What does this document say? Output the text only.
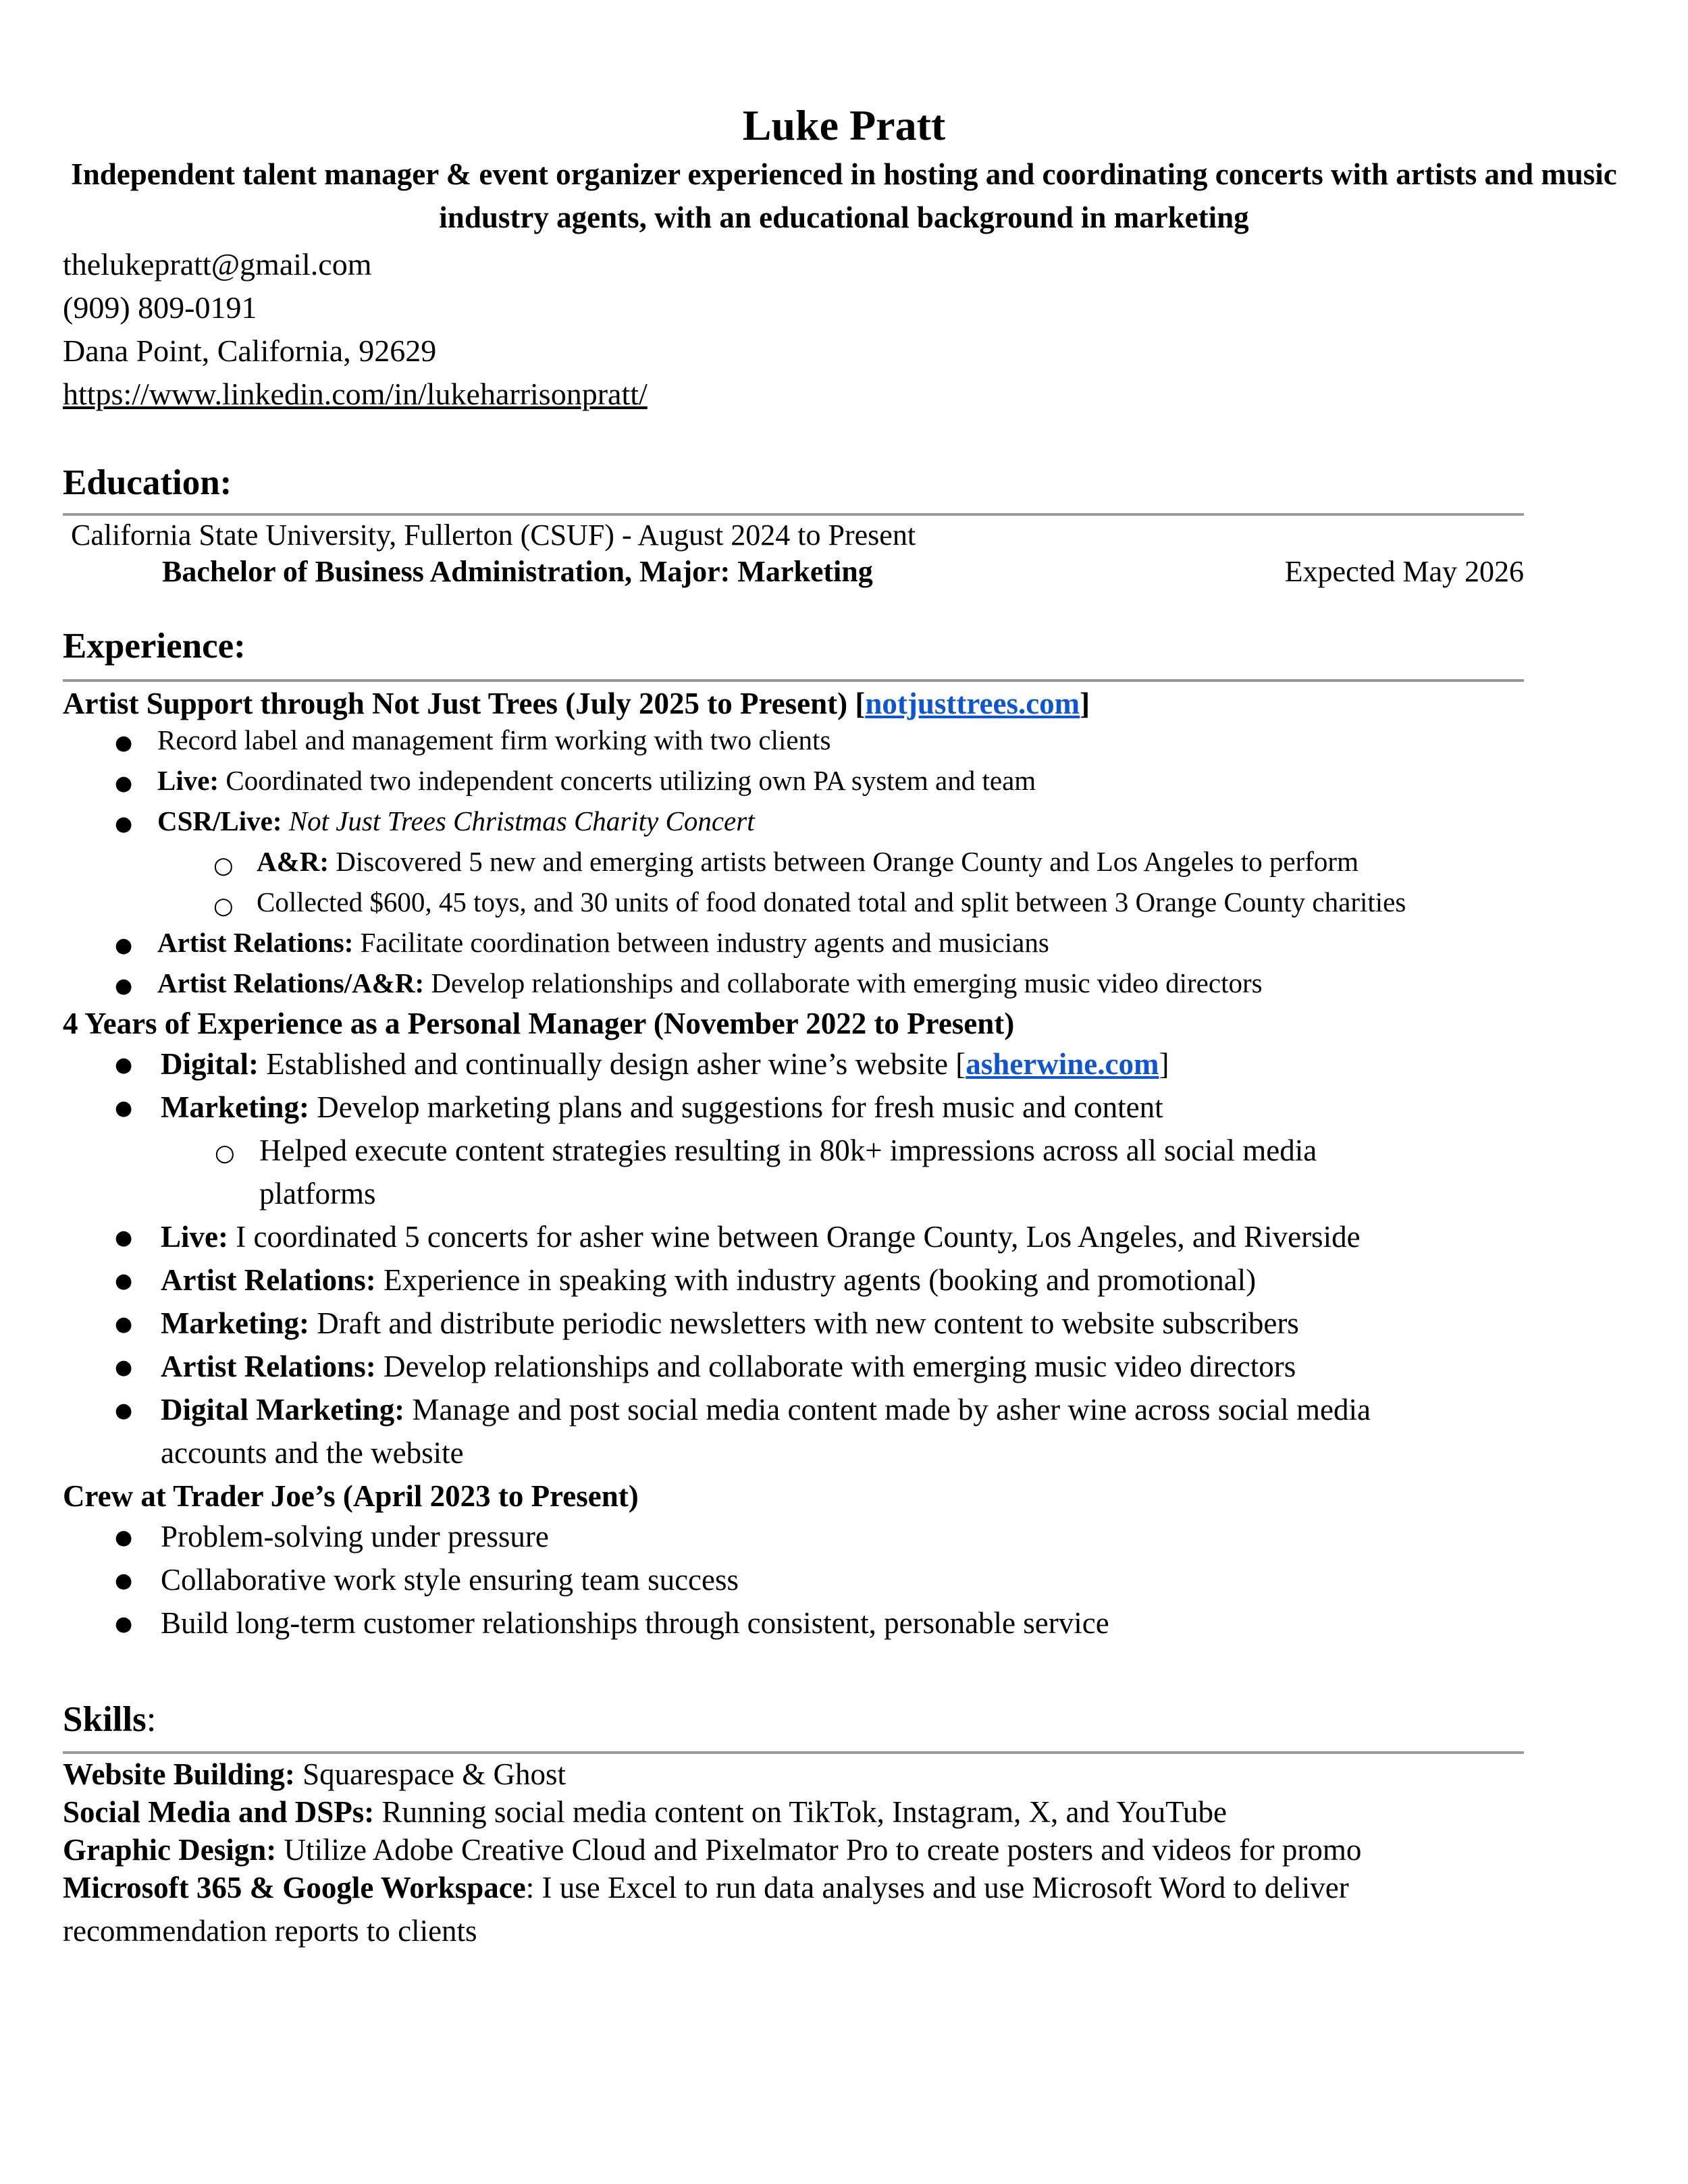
Luke Pratt
Independent talent manager & event organizer experienced in hosting and coordinating concerts with artists and music industry agents, with an educational background in marketing
thelukepratt@gmail.com
(909) 809-0191
Dana Point, California, 92629
https://www.linkedin.com/in/lukeharrisonpratt/
Education:
California State University, Fullerton (CSUF) - August 2024 to Present
Bachelor of Business Administration, Major: Marketing	Expected May 2026
Experience:
Artist Support through Not Just Trees (July 2025 to Present) [notjusttrees.com]
● Record label and management firm working with two clients
● Live: Coordinated two independent concerts utilizing own PA system and team
● CSR/Live: Not Just Trees Christmas Charity Concert
○ A&R: Discovered 5 new and emerging artists between Orange County and Los Angeles to perform
○ Collected $600, 45 toys, and 30 units of food donated total and split between 3 Orange County charities
● Artist Relations: Facilitate coordination between industry agents and musicians
● Artist Relations/A&R: Develop relationships and collaborate with emerging music video directors
4 Years of Experience as a Personal Manager (November 2022 to Present)
● Digital: Established and continually design asher wine’s website [asherwine.com]
● Marketing: Develop marketing plans and suggestions for fresh music and content
○ Helped execute content strategies resulting in 80k+ impressions across all social media
platforms
● Live: I coordinated 5 concerts for asher wine between Orange County, Los Angeles, and Riverside
● Artist Relations: Experience in speaking with industry agents (booking and promotional)
● Marketing: Draft and distribute periodic newsletters with new content to website subscribers
● Artist Relations: Develop relationships and collaborate with emerging music video directors
● Digital Marketing: Manage and post social media content made by asher wine across social media
accounts and the website
Crew at Trader Joe’s (April 2023 to Present)
● Problem-solving under pressure
● Collaborative work style ensuring team success
● Build long-term customer relationships through consistent, personable service
Skills:
Website Building: Squarespace & Ghost
Social Media and DSPs: Running social media content on TikTok, Instagram, X, and YouTube
Graphic Design: Utilize Adobe Creative Cloud and Pixelmator Pro to create posters and videos for promo
Microsoft 365 & Google Workspace: I use Excel to run data analyses and use Microsoft Word to deliver
recommendation reports to clients
